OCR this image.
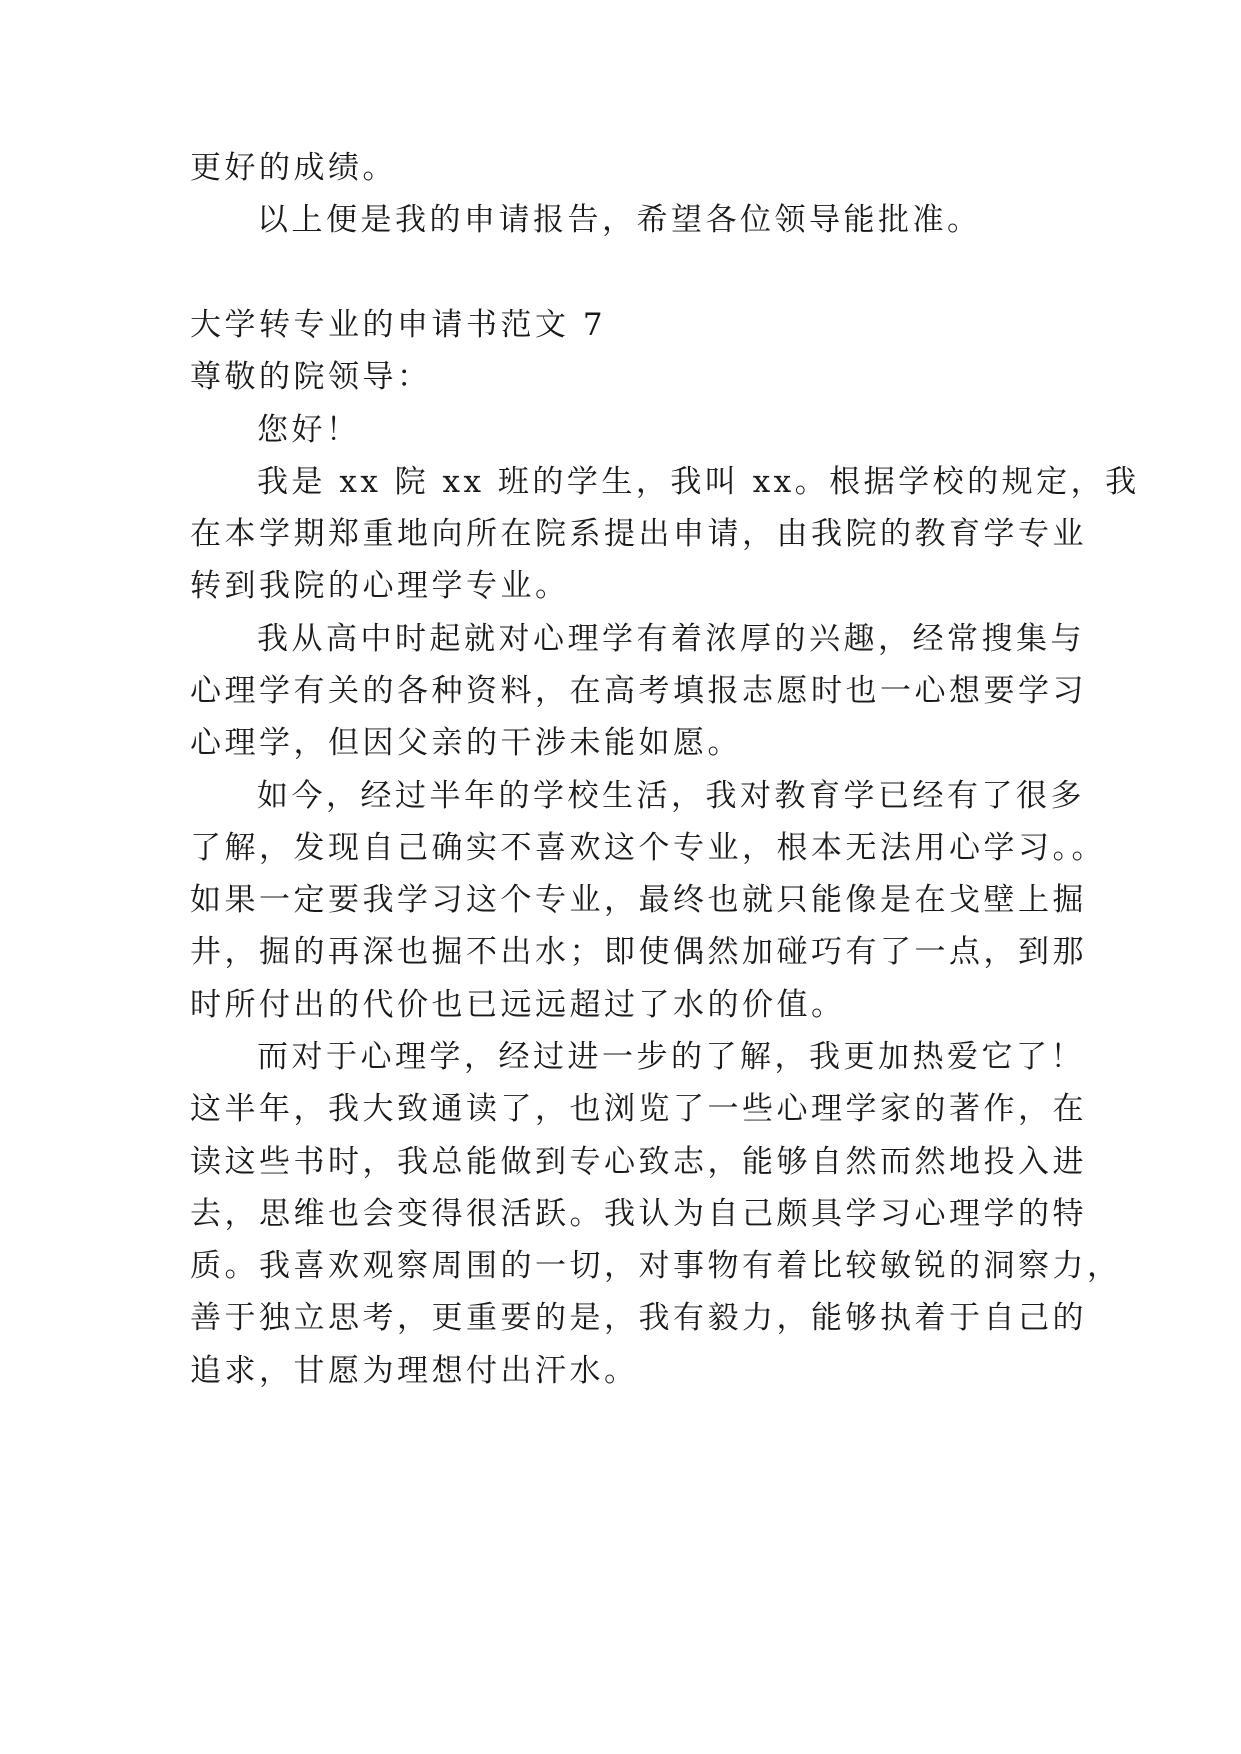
更好的成绩。
以上便是我的申请报告，希望各位领导能批准。
大学转专业的申请书范文 7
尊敬的院领导：
您好！
我是 xx 院 xx 班的学生，我叫 xx。根据学校的规定，我
在本学期郑重地向所在院系提出申请，由我院的教育学专业
转到我院的心理学专业。
我从高中时起就对心理学有着浓厚的兴趣，经常搜集与
心理学有关的各种资料，在高考填报志愿时也一心想要学习
心理学，但因父亲的干涉未能如愿。
如今，经过半年的学校生活，我对教育学已经有了很多
了解，发现自己确实不喜欢这个专业，根本无法用心学习。。
如果一定要我学习这个专业，最终也就只能像是在戈壁上掘
井，掘的再深也掘不出水；即使偶然加碰巧有了一点，到那
时所付出的代价也已远远超过了水的价值。
而对于心理学，经过进一步的了解，我更加热爱它了！
这半年，我大致通读了，也浏览了一些心理学家的著作，在
读这些书时，我总能做到专心致志，能够自然而然地投入进
去，思维也会变得很活跃。我认为自己颇具学习心理学的特
质。我喜欢观察周围的一切，对事物有着比较敏锐的洞察力，
善于独立思考，更重要的是，我有毅力，能够执着于自己的
追求，甘愿为理想付出汗水。
